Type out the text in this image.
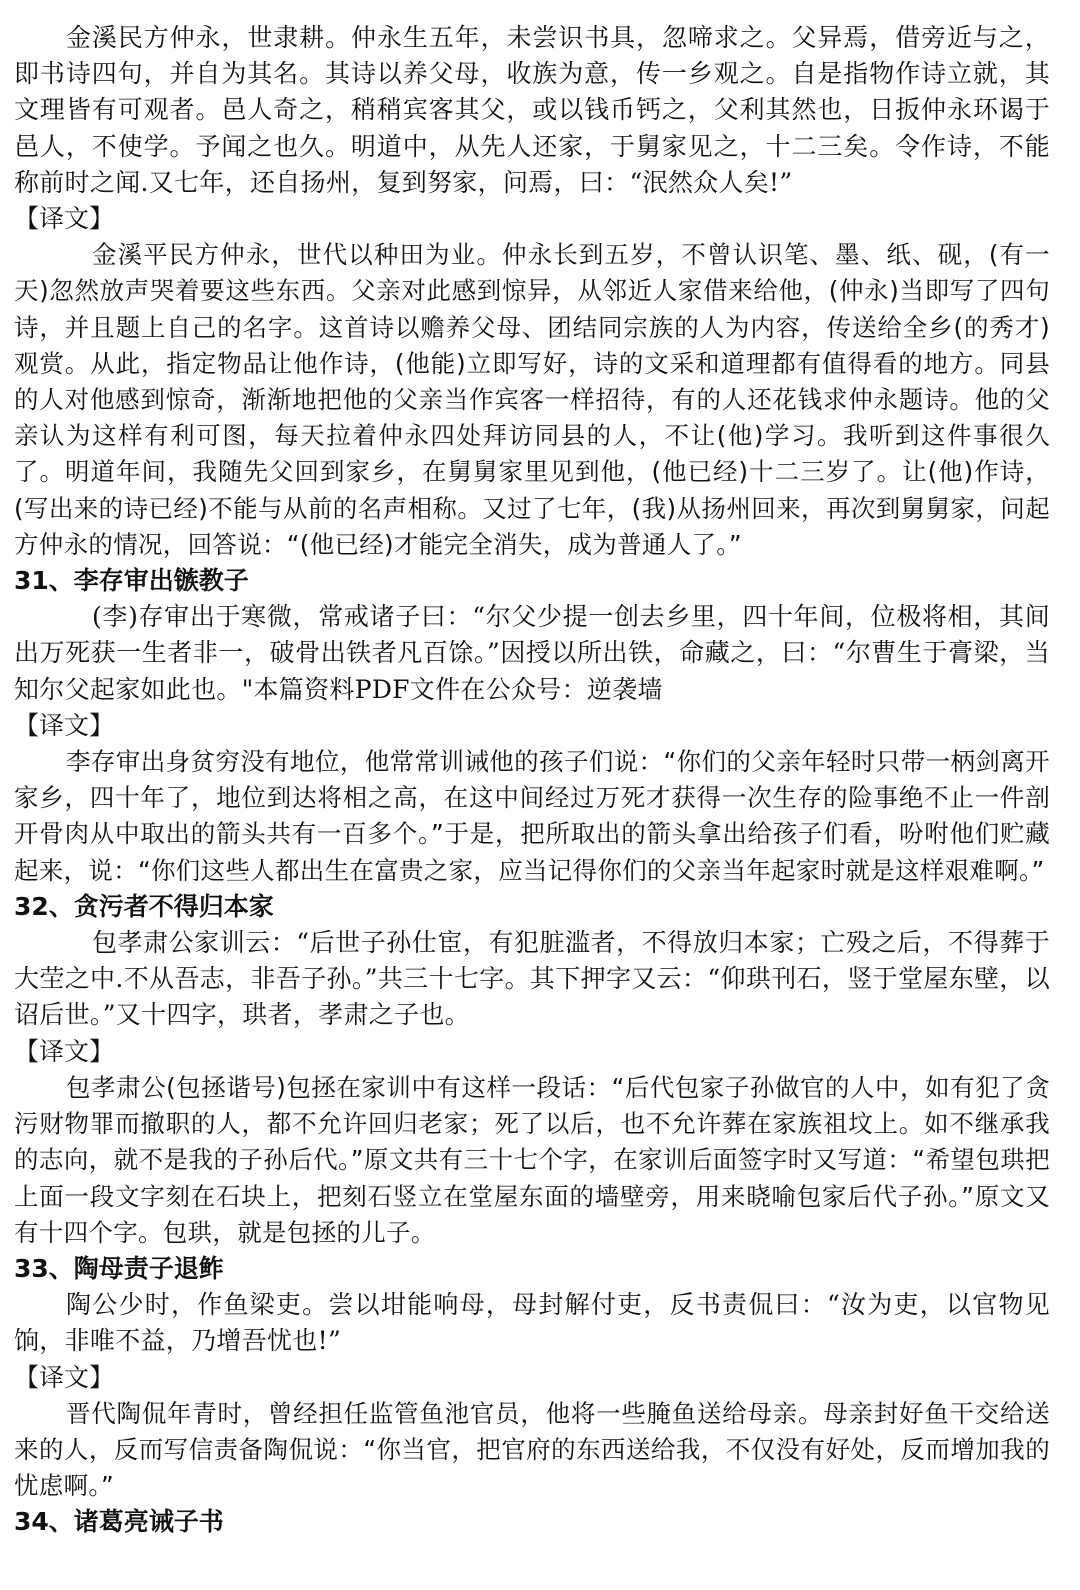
金溪民方仲永，世隶耕。仲永生五年，未尝识书具，忽啼求之。父异焉，借旁近与之，即书诗四句，并自为其名。其诗以养父母，收族为意，传一乡观之。自是指物作诗立就，其文理皆有可观者。邑人奇之，稍稍宾客其父，或以钱币钙之，父利其然也，日扳仲永环谒于邑人，不使学。予闻之也久。明道中，从先人还家，于舅家见之，十二三矣。令作诗，不能称前时之闻.又七年，还自扬州，复到努家，问焉，曰：“泯然众人矣!”

【译文】

金溪平民方仲永，世代以种田为业。仲永长到五岁，不曾认识笔、墨、纸、砚，(有一天)忽然放声哭着要这些东西。父亲对此感到惊异，从邻近人家借来给他，(仲永)当即写了四句诗，并且题上自己的名字。这首诗以赡养父母、团结同宗族的人为内容，传送给全乡(的秀才)观赏。从此，指定物品让他作诗，(他能)立即写好，诗的文采和道理都有值得看的地方。同县的人对他感到惊奇，渐渐地把他的父亲当作宾客一样招待，有的人还花钱求仲永题诗。他的父亲认为这样有利可图，每天拉着仲永四处拜访同县的人，不让(他)学习。我听到这件事很久了。明道年间，我随先父回到家乡，在舅舅家里见到他，(他已经)十二三岁了。让(他)作诗，(写出来的诗已经)不能与从前的名声相称。又过了七年，(我)从扬州回来，再次到舅舅家，问起方仲永的情况，回答说：“(他已经)才能完全消失，成为普通人了。”

31、李存审出镞教子

(李)存审出于寒微，常戒诸子曰：“尔父少提一创去乡里，四十年间，位极将相，其间出万死获一生者非一，破骨出铁者凡百馀。”因授以所出铁，命藏之，曰：“尔曹生于膏梁，当知尔父起家如此也。"本篇资料PDF文件在公众号：逆袭墙

【译文】

李存审出身贫穷没有地位，他常常训诫他的孩子们说：“你们的父亲年轻时只带一柄剑离开家乡，四十年了，地位到达将相之高，在这中间经过万死才获得一次生存的险事绝不止一件剖开骨肉从中取出的箭头共有一百多个。”于是，把所取出的箭头拿出给孩子们看，吩咐他们贮藏起来，说：“你们这些人都出生在富贵之家，应当记得你们的父亲当年起家时就是这样艰难啊。”

32、贪污者不得归本家

包孝肃公家训云：“后世子孙仕宦，有犯脏滥者，不得放归本家；亡殁之后，不得葬于大茔之中.不从吾志，非吾子孙。”共三十七字。其下押字又云：“仰珙刊石，竖于堂屋东壁，以诏后世。”又十四字，珙者，孝肃之子也。

【译文】

包孝肃公(包拯谐号)包拯在家训中有这样一段话：“后代包家子孙做官的人中，如有犯了贪污财物罪而撤职的人，都不允许回归老家；死了以后，也不允许葬在家族祖坟上。如不继承我的志向，就不是我的子孙后代。”原文共有三十七个字，在家训后面签字时又写道：“希望包珙把上面一段文字刻在石块上，把刻石竖立在堂屋东面的墙壁旁，用来晓喻包家后代子孙。”原文又有十四个字。包珙，就是包拯的儿子。

33、陶母责子退鲊

陶公少时，作鱼梁吏。尝以坩能响母，母封解付吏，反书责侃曰：“汝为吏，以官物见饷，非唯不益，乃增吾忧也!”

【译文】

晋代陶侃年青时，曾经担任监管鱼池官员，他将一些腌鱼送给母亲。母亲封好鱼干交给送来的人，反而写信责备陶侃说：“你当官，把官府的东西送给我，不仅没有好处，反而增加我的忧虑啊。”

34、诸葛亮诫子书
